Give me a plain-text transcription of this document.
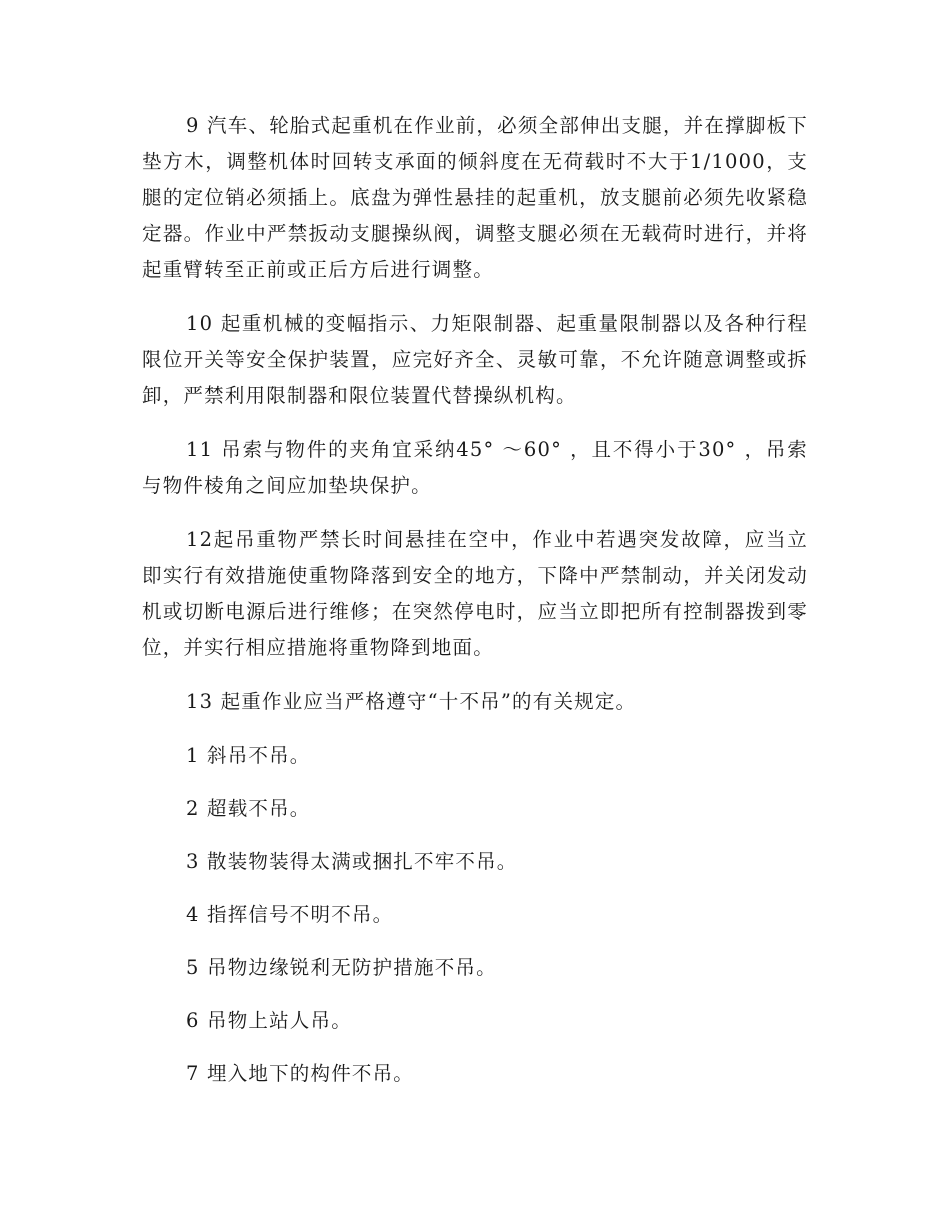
9 汽车、轮胎式起重机在作业前，必须全部伸出支腿，并在撑脚板下垫方木，调整机体时回转支承面的倾斜度在无荷载时不大于1/1000，支腿的定位销必须插上。底盘为弹性悬挂的起重机，放支腿前必须先收紧稳定器。作业中严禁扳动支腿操纵阀，调整支腿必须在无载荷时进行，并将起重臂转至正前或正后方后进行调整。

10 起重机械的变幅指示、力矩限制器、起重量限制器以及各种行程限位开关等安全保护装置，应完好齐全、灵敏可靠，不允许随意调整或拆卸，严禁利用限制器和限位装置代替操纵机构。

11 吊索与物件的夹角宜采纳45° ～60° ，且不得小于30° ，吊索与物件棱角之间应加垫块保护。

12起吊重物严禁长时间悬挂在空中，作业中若遇突发故障，应当立即实行有效措施使重物降落到安全的地方，下降中严禁制动，并关闭发动机或切断电源后进行维修；在突然停电时，应当立即把所有控制器拨到零位，并实行相应措施将重物降到地面。

13 起重作业应当严格遵守“十不吊”的有关规定。

1 斜吊不吊。

2 超载不吊。

3 散装物装得太满或捆扎不牢不吊。

4 指挥信号不明不吊。

5 吊物边缘锐利无防护措施不吊。

6 吊物上站人吊。

7 埋入地下的构件不吊。
